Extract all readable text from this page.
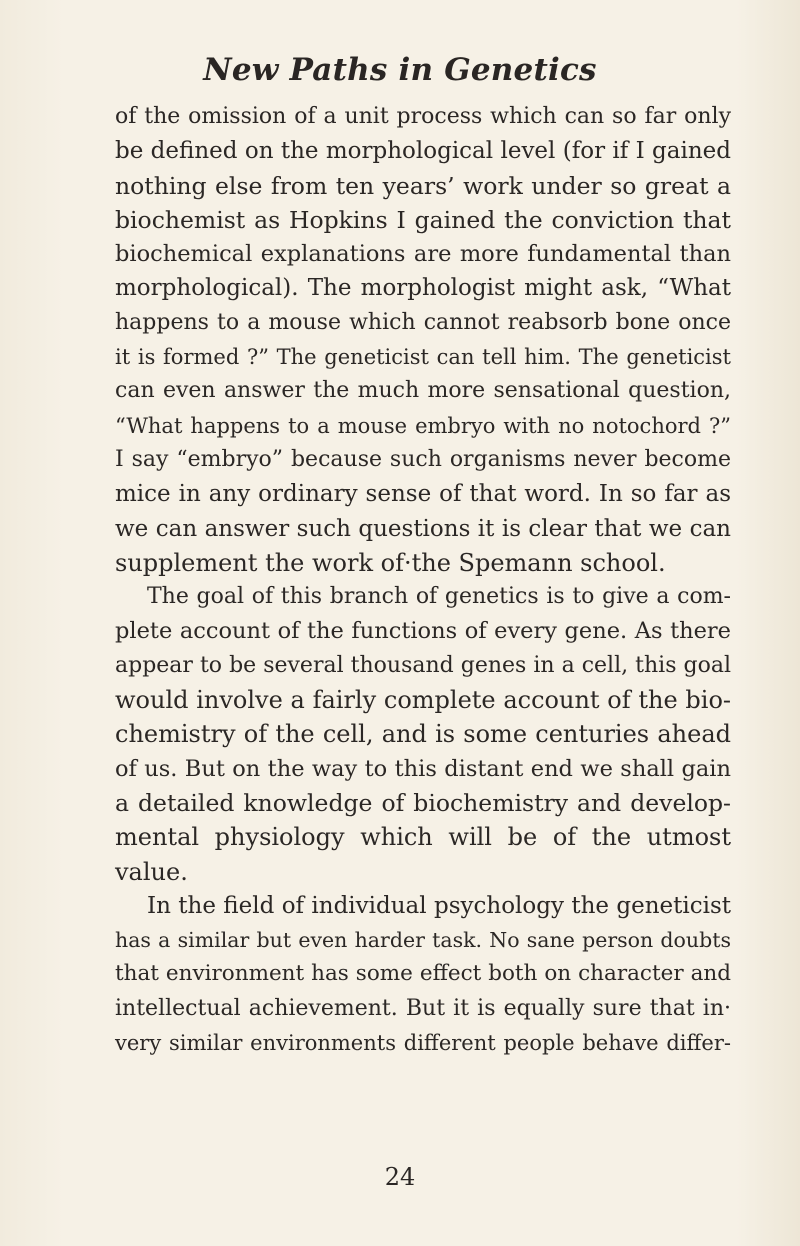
New Paths in Genetics
of the omission of a unit process which can so far only
be defined on the morphological level (for if I gained
nothing else from ten years’ work under so great a
biochemist as Hopkins I gained the conviction that
biochemical explanations are more fundamental than
morphological). The morphologist might ask, “What
happens to a mouse which cannot reabsorb bone once
it is formed ?” The geneticist can tell him. The geneticist
can even answer the much more sensational question,
“What happens to a mouse embryo with no notochord ?”
I say “embryo” because such organisms never become
mice in any ordinary sense of that word. In so far as
we can answer such questions it is clear that we can
supplement the work of·the Spemann school.
The goal of this branch of genetics is to give a com-
plete account of the functions of every gene. As there
appear to be several thousand genes in a cell, this goal
would involve a fairly complete account of the bio-
chemistry of the cell, and is some centuries ahead
of us. But on the way to this distant end we shall gain
a detailed knowledge of biochemistry and develop-
mental physiology which will be of the utmost
value.
In the field of individual psychology the geneticist
has a similar but even harder task. No sane person doubts
that environment has some effect both on character and
intellectual achievement. But it is equally sure that in·
very similar environments different people behave differ-
24
